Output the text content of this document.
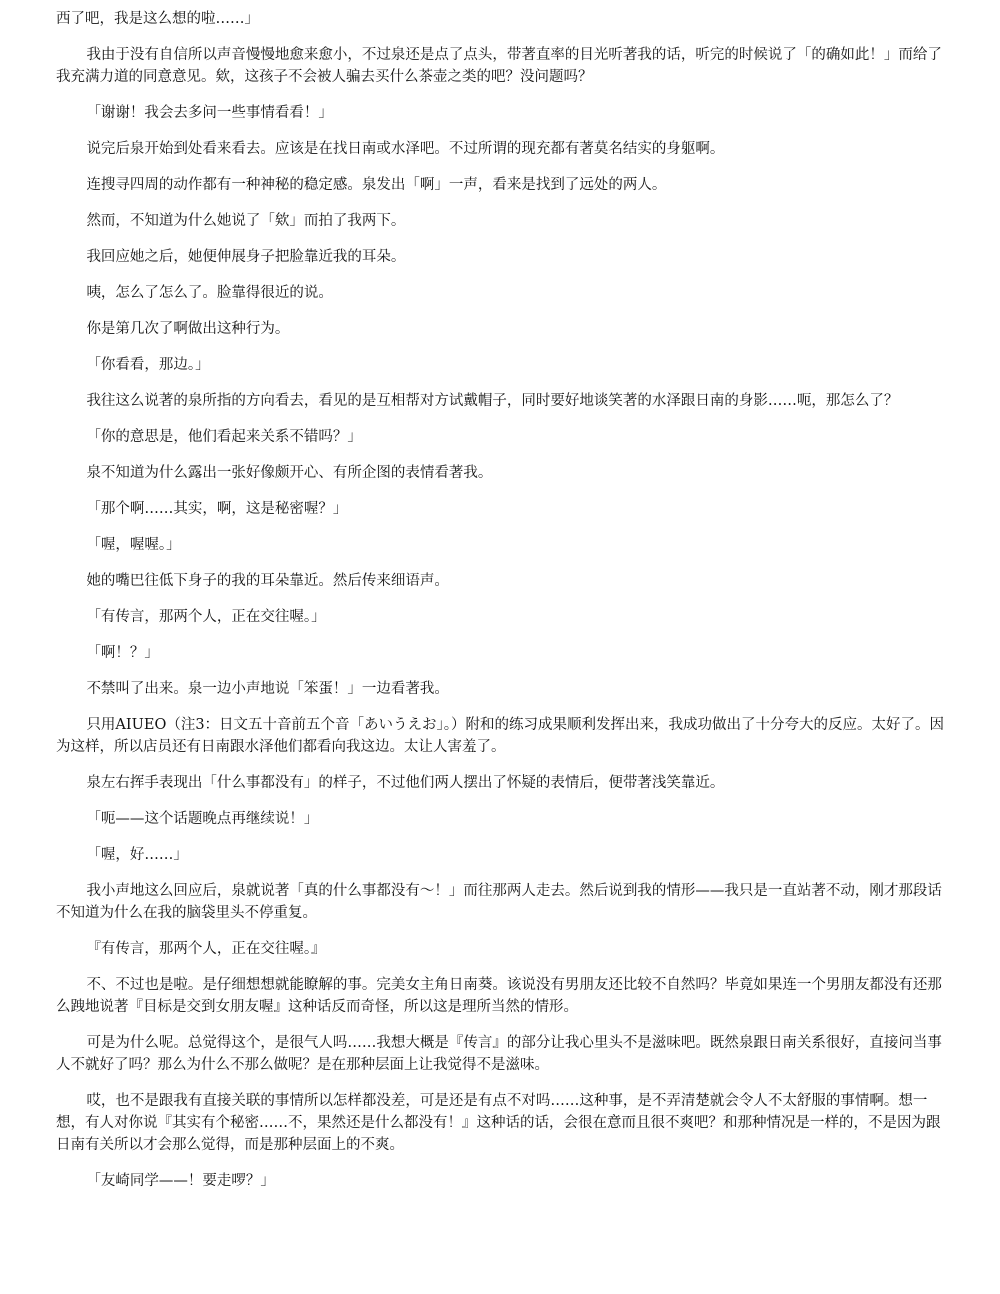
西了吧，我是这么想的啦……」

我由于没有自信所以声音慢慢地愈来愈小，不过泉还是点了点头，带著直率的目光听著我的话，听完的时候说了「的确如此！」而给了我充满力道的同意意见。欸，这孩子不会被人骗去买什么茶壶之类的吧？没问题吗？

「谢谢！我会去多问一些事情看看！」

说完后泉开始到处看来看去。应该是在找日南或水泽吧。不过所谓的现充都有著莫名结实的身躯啊。

连搜寻四周的动作都有一种神秘的稳定感。泉发出「啊」一声，看来是找到了远处的两人。

然而，不知道为什么她说了「欸」而拍了我两下。

我回应她之后，她便伸展身子把脸靠近我的耳朵。

咦，怎么了怎么了。脸靠得很近的说。

你是第几次了啊做出这种行为。

「你看看，那边。」

我往这么说著的泉所指的方向看去，看见的是互相帮对方试戴帽子，同时要好地谈笑著的水泽跟日南的身影……呃，那怎么了？

「你的意思是，他们看起来关系不错吗？」

泉不知道为什么露出一张好像颇开心、有所企图的表情看著我。

「那个啊……其实，啊，这是秘密喔？」

「喔，喔喔。」

她的嘴巴往低下身子的我的耳朵靠近。然后传来细语声。

「有传言，那两个人，正在交往喔。」

「啊！？」

不禁叫了出来。泉一边小声地说「笨蛋！」一边看著我。

只用AIUEO（注3：日文五十音前五个音「あいうえお」。）附和的练习成果顺利发挥出来，我成功做出了十分夸大的反应。太好了。因为这样，所以店员还有日南跟水泽他们都看向我这边。太让人害羞了。

泉左右挥手表现出「什么事都没有」的样子，不过他们两人摆出了怀疑的表情后，便带著浅笑靠近。

「呃——这个话题晚点再继续说！」

「喔，好……」

我小声地这么回应后，泉就说著「真的什么事都没有～！」而往那两人走去。然后说到我的情形——我只是一直站著不动，刚才那段话不知道为什么在我的脑袋里头不停重复。

『有传言，那两个人，正在交往喔。』

不、不过也是啦。是仔细想想就能瞭解的事。完美女主角日南葵。该说没有男朋友还比较不自然吗？毕竟如果连一个男朋友都没有还那么跩地说著『目标是交到女朋友喔』这种话反而奇怪，所以这是理所当然的情形。

可是为什么呢。总觉得这个，是很气人吗……我想大概是『传言』的部分让我心里头不是滋味吧。既然泉跟日南关系很好，直接问当事人不就好了吗？那么为什么不那么做呢？是在那种层面上让我觉得不是滋味。

哎，也不是跟我有直接关联的事情所以怎样都没差，可是还是有点不对吗……这种事，是不弄清楚就会令人不太舒服的事情啊。想一想，有人对你说『其实有个秘密……不，果然还是什么都没有！』这种话的话，会很在意而且很不爽吧？和那种情况是一样的，不是因为跟日南有关所以才会那么觉得，而是那种层面上的不爽。

「友崎同学——！要走啰？」
